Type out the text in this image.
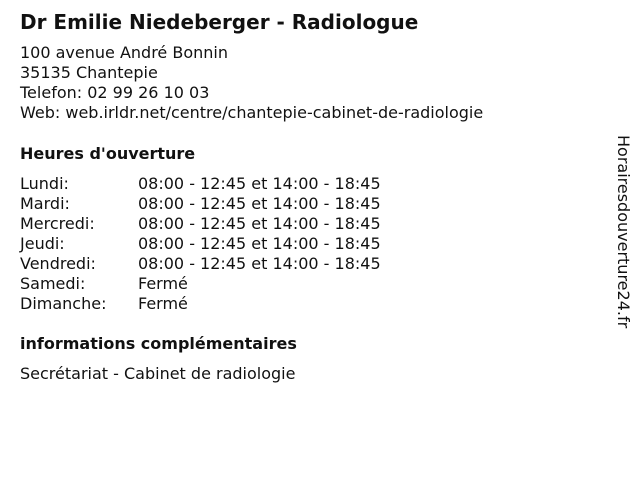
Dr Emilie Niedeberger - Radiologue
100 avenue André Bonnin
35135 Chantepie
Telefon: 02 99 26 10 03
Web: web.irldr.net/centre/chantepie-cabinet-de-radiologie
Heures d'ouverture
Lundi:	08:00 - 12:45 et 14:00 - 18:45
Mardi:	08:00 - 12:45 et 14:00 - 18:45
Mercredi:	08:00 - 12:45 et 14:00 - 18:45
Jeudi:	08:00 - 12:45 et 14:00 - 18:45
Vendredi:	08:00 - 12:45 et 14:00 - 18:45
Samedi:	Fermé
Dimanche: Fermé
informations complémentaires
Secrétariat - Cabinet de radiologie
Horairesdouverture24.fr
